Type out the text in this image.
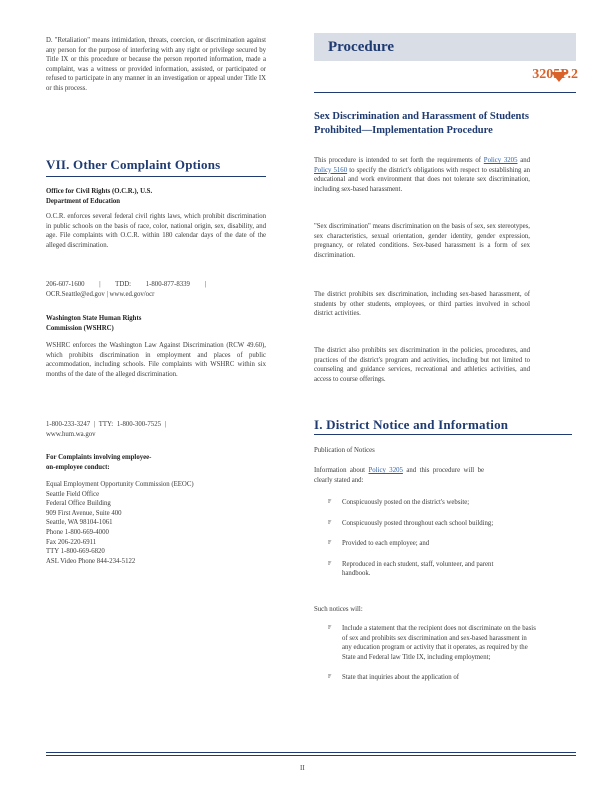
D. "Retaliation" means intimidation, threats, coercion, or discrimination against any person for the purpose of interfering with any right or privilege secured by Title IX or this procedure or because the person reported information, made a complaint, was a witness or provided information, assisted, or participated or refused to participate in any manner in an investigation or appeal under Title IX or this process.

VII. Other Complaint Options

Office for Civil Rights (O.C.R.), U.S.

Department of Education

O.C.R. enforces several federal civil rights laws, which prohibit discrimination in public schools on the basis of race, color, national origin, sex, disability, and age. File complaints with O.C.R. within 180 calendar days of the date of the alleged discrimination.

206-607-1600 | TDD: 1-800-877-8339 | OCR.Seattle@ed.gov | www.ed.gov/ocr

Washington State Human Rights

Commission (WSHRC)

WSHRC enforces the Washington Law Against Discrimination (RCW 49.60), which prohibits discrimination in employment and places of public accommodation, including schools. File complaints with WSHRC within six months of the date of the alleged discrimination.

1-800-233-3247 | TTY: 1-800-300-7525 | www.hum.wa.gov

For Complaints involving employee-

on-employee conduct:

Equal Employment Opportunity Commission (EEOC)

Seattle Field Office

Federal Office Building

909 First Avenue, Suite 400

Seattle, WA 98104-1061

Phone 1-800-669-4000

Fax 206-220-6911

TTY 1-800-669-6820

ASL Video Phone 844-234-5122

Procedure
3205P.2

Sex Discrimination and Harassment of Students Prohibited—Implementation Procedure

This procedure is intended to set forth the requirements of Policy 3205 and Policy 5160 to specify the district's obligations with respect to establishing an educational and work environment that does not tolerate sex discrimination, including sex-based harassment.

"Sex discrimination" means discrimination on the basis of sex, sex stereotypes, sex characteristics, sexual orientation, gender identity, gender expression, pregnancy, or related conditions. Sex-based harassment is a form of sex discrimination.

The district prohibits sex discrimination, including sex-based harassment, of students by other students, employees, or third parties involved in school district activities.

The district also prohibits sex discrimination in the policies, procedures, and practices of the district's program and activities, including but not limited to counseling and guidance services, recreational and athletics activities, and access to course offerings.

I. District Notice and Information

Publication of Notices

Information about Policy 3205 and this procedure will be clearly stated and:

F Conspicuously posted on the district's website;
F Conspicuously posted throughout each school building;
F Provided to each employee; and
F Reproduced in each student, staff, volunteer, and parent handbook.

Such notices will:

F Include a statement that the recipient does not discriminate on the basis of sex and prohibits sex discrimination and sex-based harassment in any education program or activity that it operates, as required by the State and Federal law Title IX, including employment;
F State that inquiries about the application of
II
